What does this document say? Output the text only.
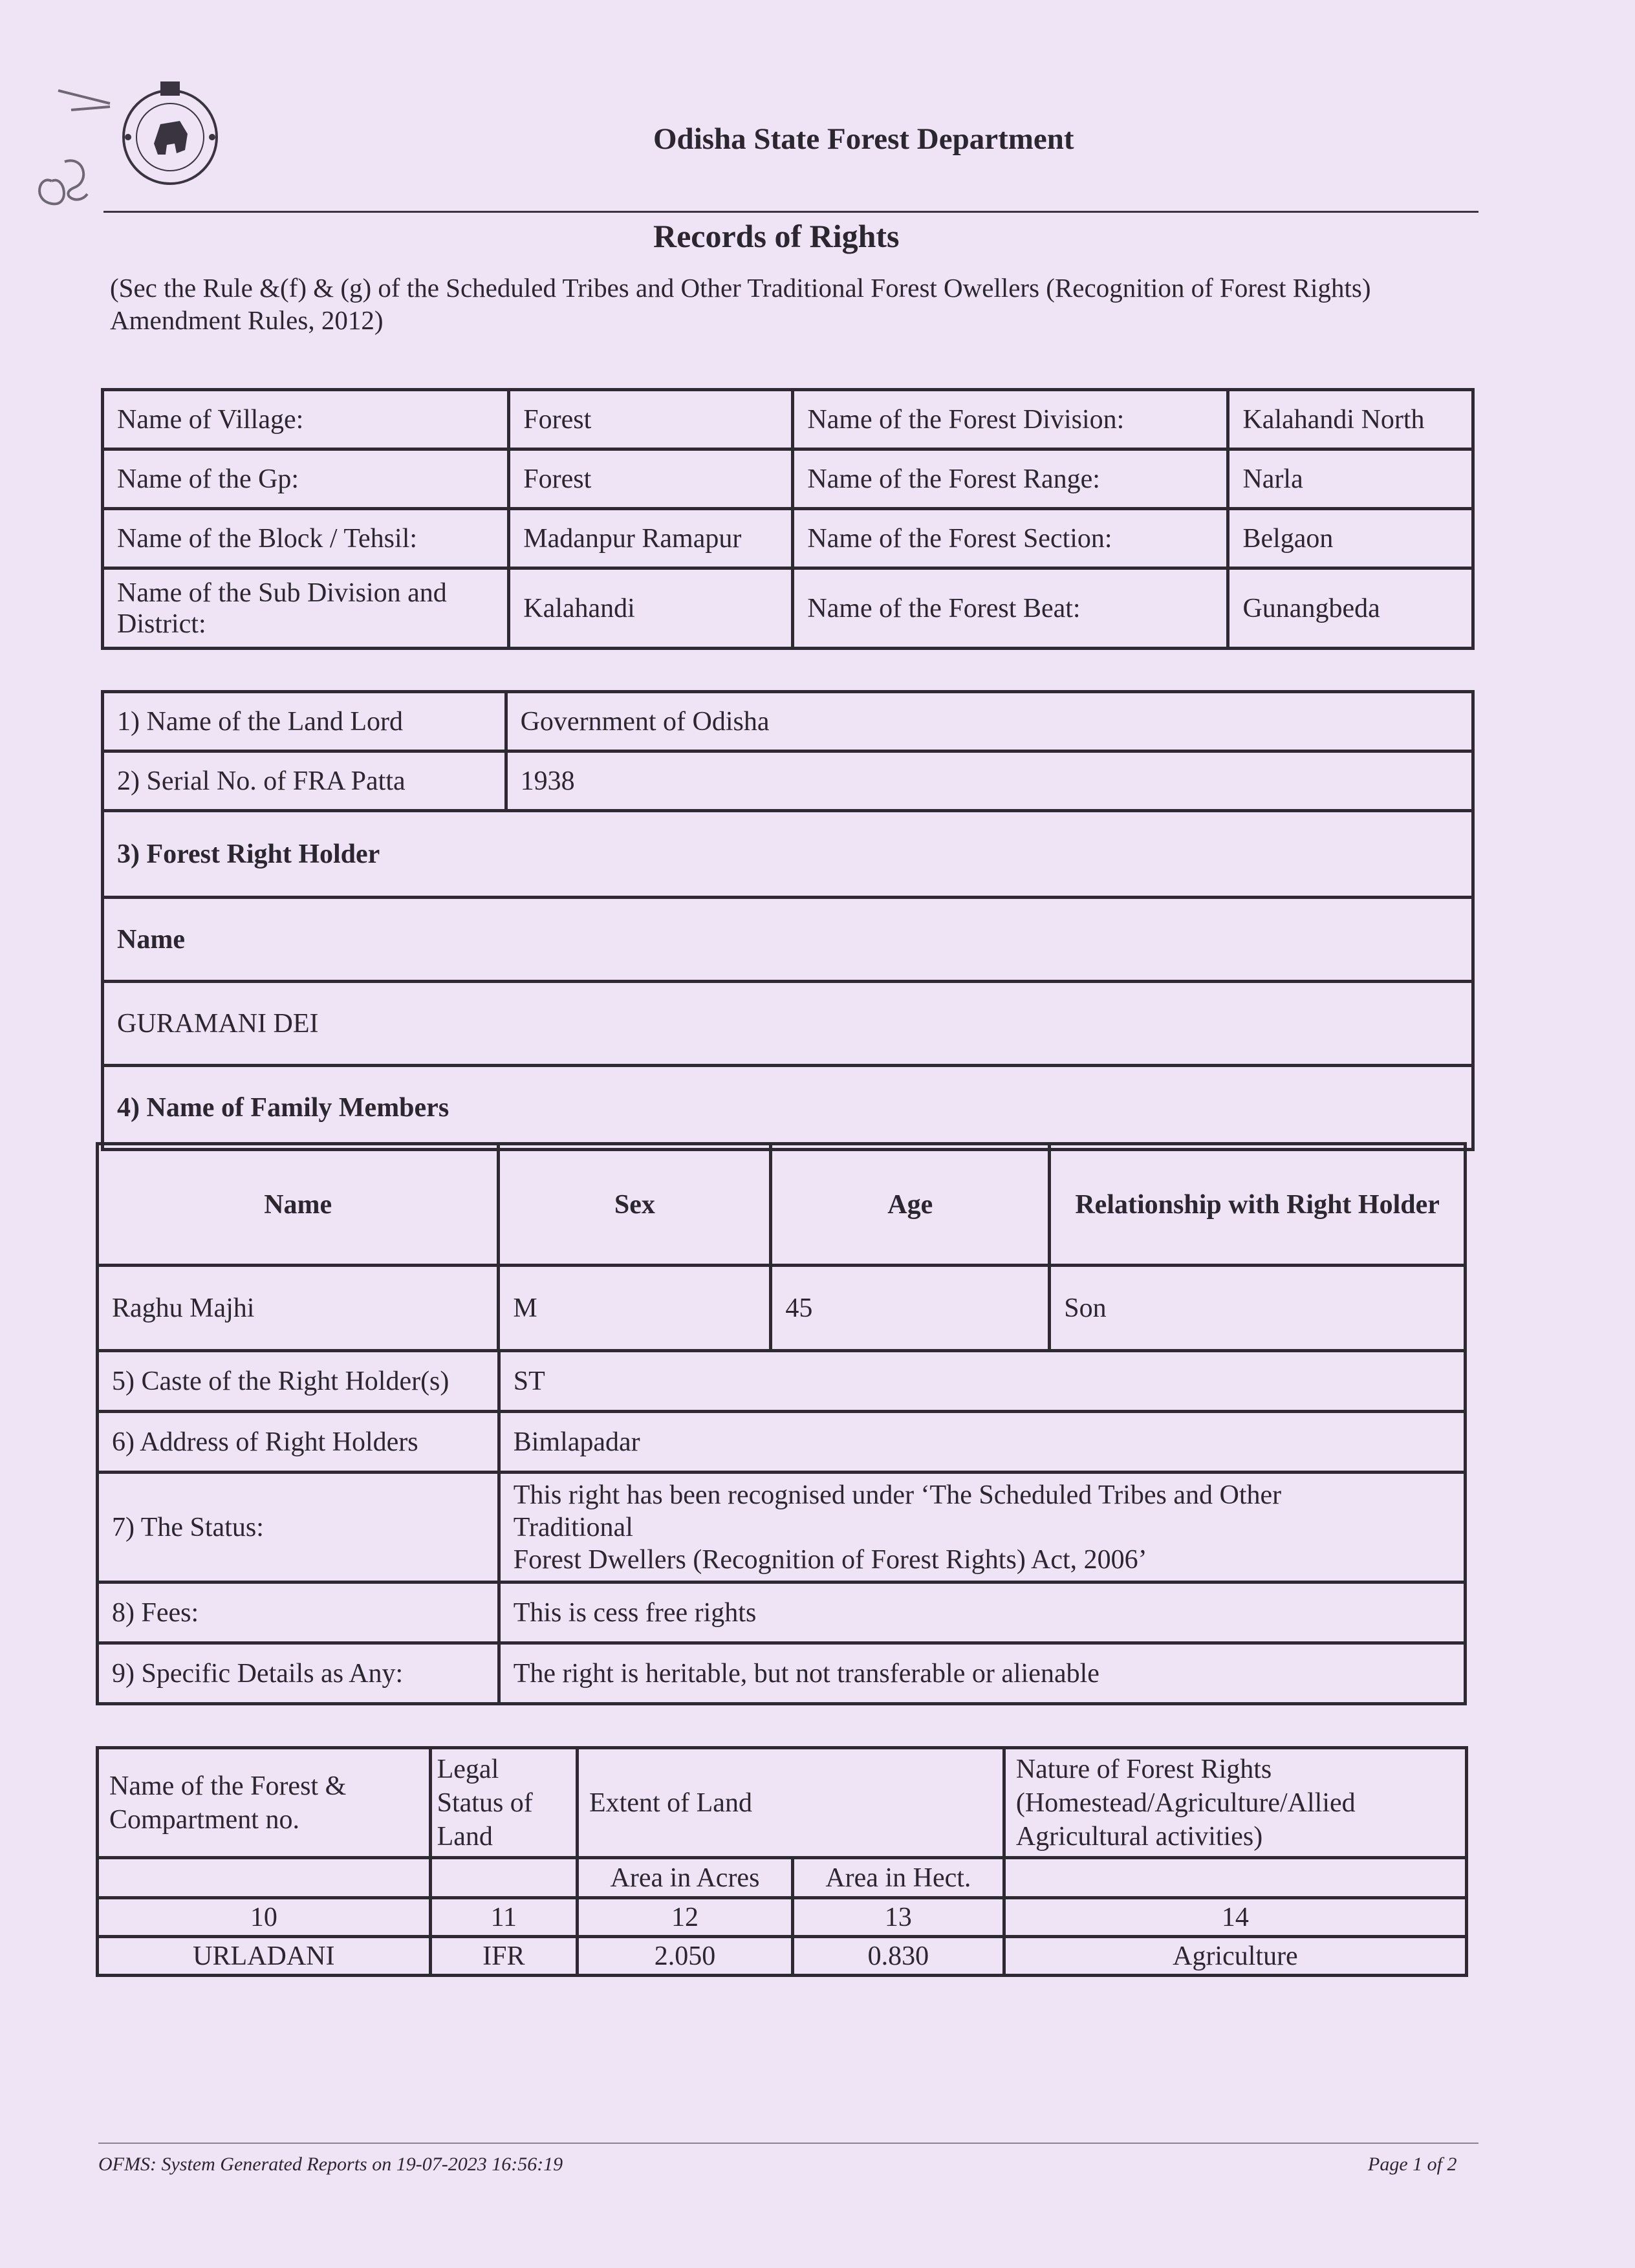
Odisha State Forest Department
Records of Rights
(Sec the Rule &(f) & (g) of the Scheduled Tribes and Other Traditional Forest Owellers (Recognition of Forest Rights) Amendment Rules, 2012)
Name of Village:	Forest	Name of the Forest Division:	Kalahandi North
Name of the Gp:	Forest	Name of the Forest Range:	Narla
Name of the Block / Tehsil:	Madanpur Ramapur	Name of the Forest Section:	Belgaon
Name of the Sub Division and District:	Kalahandi	Name of the Forest Beat:	Gunangbeda
1) Name of the Land Lord	Government of Odisha
2) Serial No. of FRA Patta	1938
3) Forest Right Holder	
Name	
GURAMANI DEI	
4) Name of Family Members	
Name	Sex	Age	Relationship with Right Holder
Raghu Majhi	M	45	Son
5) Caste of the Right Holder(s)	ST
6) Address of Right Holders	Bimlapadar
7) The Status:	This right has been recognised under ‘The Scheduled Tribes and Other
Traditional
Forest Dwellers (Recognition of Forest Rights) Act, 2006’

8) Fees:	This is cess free rights
9) Specific Details as Any:	The right is heritable, but not transferable or alienable
Name of the Forest & Compartment no.	Legal Status of Land	Extent of Land		Nature of Forest Rights (Homestead/Agriculture/Allied Agricultural activities)
		Area in Acres	Area in Hect.	
10	11	12	13	14
URLADANI	IFR	2.050	0.830	Agriculture
OFMS: System Generated Reports on 19-07-2023 16:56:19	Page 1 of 2
